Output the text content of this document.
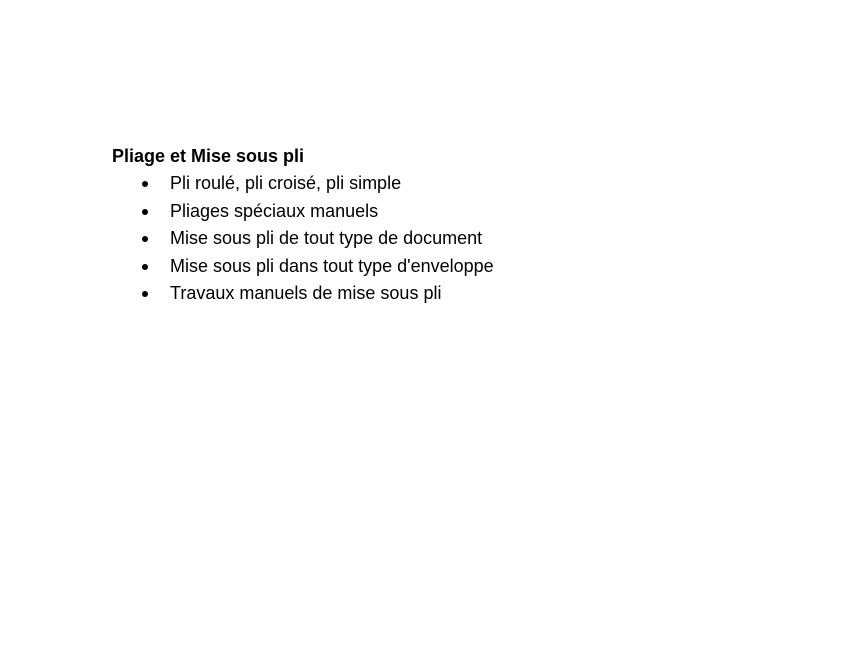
Pliage et Mise sous pli
Pli roulé, pli croisé, pli simple
Pliages spéciaux manuels
Mise sous pli de tout type de document
Mise sous pli dans tout type d'enveloppe
Travaux manuels de mise sous pli
